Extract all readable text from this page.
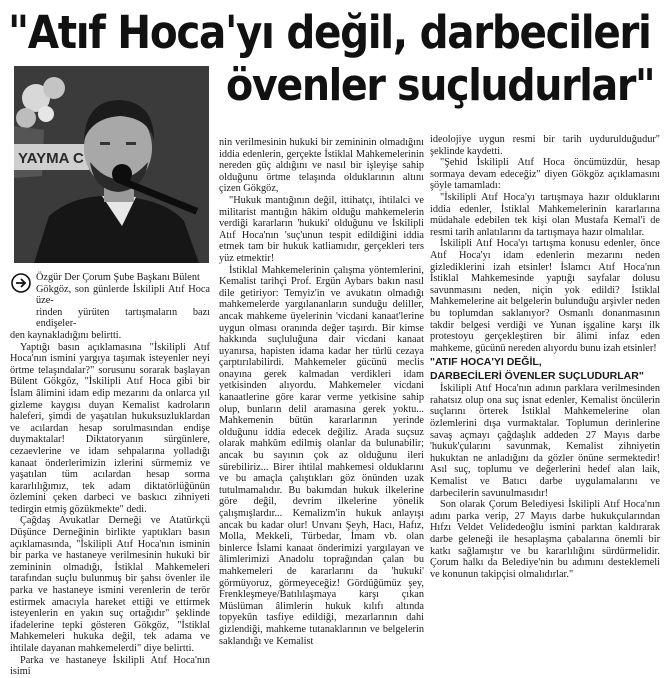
"Atıf Hoca'yı değil, darbecileri
övenler suçludurlar"
YAYMA C
Özgür Der Çorum Şube Başkanı Bülent
Gökgöz, son günlerde İskilipli Atıf Hoca üze-
rinden yürüten tartışmaların bazı endişeler-
den kaynakladığını belirtti.

Yaptığı basın açıklamasına "İskilipli Atıf Hoca'nın ismini yargıya taşımak isteyenler neyi örtme telaşındalar?" sorusunu sorarak başlayan Bülent Gökgöz, "İskilipli Atıf Hoca gibi bir İslam âlimini idam edip mezarını da onlarca yıl gizleme kaygısı duyan Kemalist kadroların haleferi, şimdi de yaşatılan hukuksuzluklardan ve acılardan hesap sorulmasından endişe duymaktalar! Diktatoryanın sürgünlere, cezaevlerine ve idam sehpalarına yolladığı kanaat önderlerimizin izlerini sürmemiz ve yaşatılan tüm acılardan hesap sorma kararlılığımız, tek adam diktatörlüğünün özlemini çeken darbeci ve baskıcı zihniyeti tedirgin etmiş gözükmekte" dedi.

Çağdaş Avukatlar Derneği ve Atatürkçü Düşünce Derneğinin birlikte yaptıkları basın açıklamasında, "İskilipli Atıf Hoca'nın isminin bir parka ve hastaneye verilmesinin hukuki bir zemininin olmadığı, İstiklal Mahkemeleri tarafından suçlu bulunmuş bir şahsı övenler ile parka ve hastaneye ismini verenlerin de terör estirmek amacıyla hareket ettiği ve ettirmek isteyenlerin en yakın suç ortağıdır" şeklinde ifadelerine tepki gösteren Gökgöz, "İstiklal Mahkemeleri hukuka değil, tek adama ve ihtilale dayanan mahkemelerdi" diye belirtti.

Parka ve hastaneye İskilipli Atıf Hoca'nın isimi

nin verilmesinin hukuki bir zemininin olmadığını iddia edenlerin, gerçekte İstiklal Mahkemelerinin nereden güç aldığını ve nasıl bir işleyişe sahip olduğunu örtme telaşında olduklarının altını çizen Gökgöz,

"Hukuk mantığının değil, ittihatçı, ihtilalci ve militarist mantığın hâkim olduğu mahkemelerin verdiği kararların 'hukuki' olduğunu ve İskilipli Atıf Hoca'nın 'suç'unun tespit edildiğini iddia etmek tam bir hukuk katliamıdır, gerçekleri ters yüz etmektir!

İstiklal Mahkemelerinin çalışma yöntemlerini, Kemalist tarihçi Prof. Ergün Aybars bakın nasıl dile getiriyor: Temyiz'in ve avukatın olmadığı mahkemelerde yargılananların sunduğu deliller, ancak mahkeme üyelerinin 'vicdani kanaat'lerine uygun olması oranında değer taşırdı. Bir kimse hakkında suçluluğuna dair vicdani kanaat uyanırsa, hapisten idama kadar her türlü cezaya çarptırılabilirdi. Mahkemeler gücünü meclis onayına gerek kalmadan verdikleri idam yetkisinden alıyordu. Mahkemeler vicdani kanaatlerine göre karar verme yetkisine sahip olup, bunların delil aramasına gerek yoktu... Mahkemenin bütün kararlarının yerinde olduğunu iddia edecek değiliz. Arada suçsuz olarak mahkûm edilmiş olanlar da bulunabilir; ancak bu sayının çok az olduğunu ileri sürebiliriz... Birer ihtilal mahkemesi olduklarını ve bu amaçla çalıştıkları göz önünden uzak tutulmamalıdır. Bu bakımdan hukuk ilkelerine göre değil, devrim ilkelerine yönelik çalışmışlardır... Kemalizm'in hukuk anlayışı ancak bu kadar olur! Unvanı Şeyh, Hacı, Hafız, Molla, Mekkeli, Türbedar, İmam vb. olan binlerce İslami kanaat önderimizi yargılayan ve âlimlerimizi Anadolu toprağından çalan bu mahkemeleri de kararlarını da 'hukuki' görmüyoruz, görmeyeceğiz! Gördüğümüz şey, Frenkleşmeye/Batılılaşmaya karşı çıkan Müslüman âlimlerin hukuk kılıfı altında topyekûn tasfiye edildiği, mezarlarının dahi gizlendiği, mahkeme tutanaklarının ve belgelerin saklandığı ve Kemalist

ideolojiye uygun resmi bir tarih uydurulduğudur" şeklinde kaydetti.

"Şehid İskilipli Atıf Hoca öncümüzdür, hesap sormaya devam edeceğiz" diyen Gökgöz açıklamasını şöyle tamamladı:

"İskilipli Atıf Hoca'yı tartışmaya hazır olduklarını iddia edenler, İstiklal Mahkemelerinin kararlarına müdahale edebilen tek kişi olan Mustafa Kemal'i de resmi tarih anlatılarını da tartışmaya hazır olmalılar.

İskilipli Atıf Hoca'yı tartışma konusu edenler, önce Atıf Hoca'yı idam edenlerin mezarını neden gizlediklerini izah etsinler! İslamcı Atıf Hoca'nın İstiklal Mahkemesinde yaptığı sayfalar dolusu savunmasını neden, niçin yok edildi? İstiklal Mahkemelerine ait belgelerin bulunduğu arşivler neden bu toplumdan saklanıyor? Osmanlı donanmasının takdir belgesi verdiği ve Yunan işgaline karşı ilk protestoyu gerçekleştiren bir âlimi infaz eden mahkeme, gücünü nereden alıyordu bunu izah etsinler!

"ATIF HOCA'YI DEĞİL,
DARBECİLERİ ÖVENLER SUÇLUDURLAR"

İskilipli Atıf Hoca'nın adının parklara verilmesinden rahatsız olup ona suç isnat edenler, Kemalist öncülerin suçlarını örterek İstiklal Mahkemelerine olan özlemlerini dışa vurmaktalar. Toplumun derinlerine savaş açmayı çağdaşlık addeden 27 Mayıs darbe 'hukuk'çularını savunmak, Kemalist zihniyetin hukuktan ne anladığını da gözler önüne sermektedir! Asıl suç, toplumu ve değerlerini hedef alan laik, Kemalist ve Batıcı darbe uygulamalarını ve darbecilerin savunulmasıdır!

Son olarak Çorum Belediyesi İskilipli Atıf Hoca'nın adını parka verip, 27 Mayıs darbe hukukçularından Hıfzı Veldet Velidedeoğlu ismini parktan kaldırarak darbe geleneği ile hesaplaşma çabalarına önemli bir katkı sağlamıştır ve bu kararlılığını sürdürmelidir. Çorum halkı da Belediye'nin bu adımını desteklemeli ve konunun takipçisi olmalıdırlar."
